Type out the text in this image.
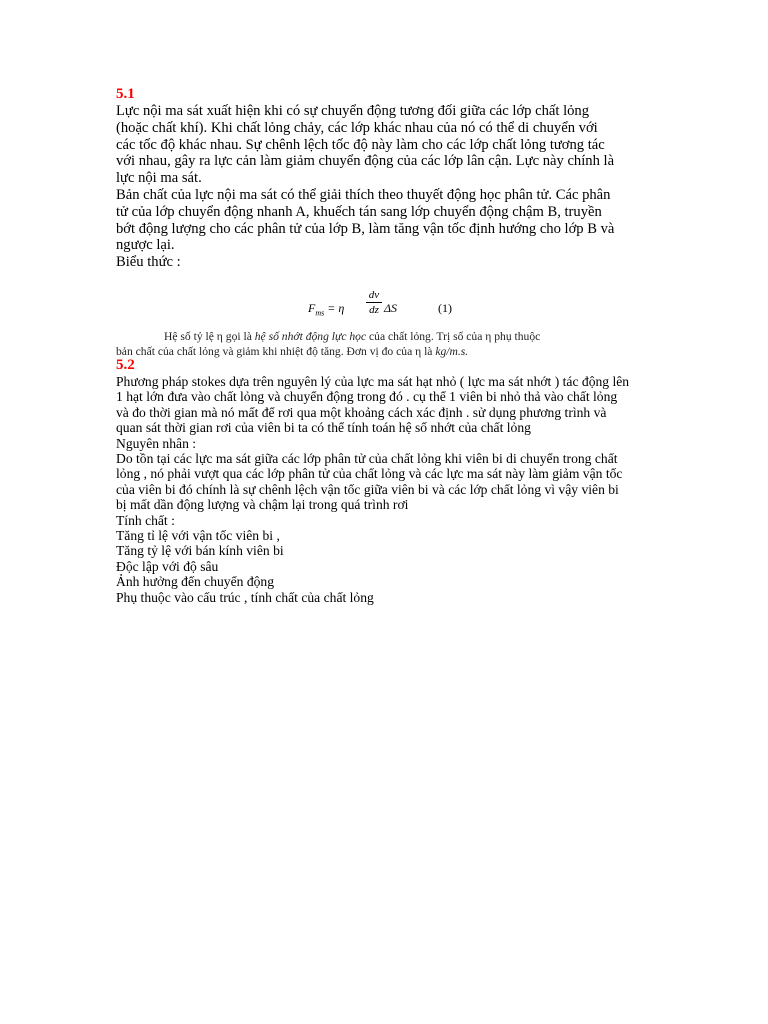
5.1
Lực nội ma sát xuất hiện khi có sự chuyển động tương đối giữa các lớp chất lỏng
(hoặc chất khí). Khi chất lỏng chảy, các lớp khác nhau của nó có thể di chuyển với
các tốc độ khác nhau. Sự chênh lệch tốc độ này làm cho các lớp chất lỏng tương tác
với nhau, gây ra lực cản làm giảm chuyển động của các lớp lân cận. Lực này chính là
lực nội ma sát.
Bản chất của lực nội ma sát có thể giải thích theo thuyết động học phân tử. Các phân
tử của lớp chuyển động nhanh A, khuếch tán sang lớp chuyển động chậm B, truyền
bớt động lượng cho các phân tử của lớp B, làm tăng vận tốc định hướng cho lớp B và
ngược lại.
Biểu thức :
$F_{ms} = \eta$
dv
dz ΔS	(1)
Hệ số tỷ lệ η gọi là hệ số nhớt động lực học của chất lỏng. Trị số của η phụ thuộc
bản chất của chất lỏng và giảm khi nhiệt độ tăng. Đơn vị đo của η là kg/m.s.
5.2
Phương pháp stokes dựa trên nguyên lý của lực ma sát hạt nhỏ ( lực ma sát nhớt ) tác động lên
1 hạt lớn đưa vào chất lỏng và chuyển động trong đó . cụ thể 1 viên bi nhỏ thả vào chất lỏng
và đo thời gian mà nó mất để rơi qua một khoảng cách xác định . sử dụng phương trình và
quan sát thời gian rơi của viên bi ta có thể tính toán hệ số nhớt của chất lỏng
Nguyên nhân :
Do tồn tại các lực ma sát giữa các lớp phân tử của chất lỏng khi viên bi di chuyển trong chất
lỏng , nó phải vượt qua các lớp phân tử của chất lỏng và các lực ma sát này làm giảm vận tốc
của viên bi đó chính là sự chênh lệch vận tốc giữa viên bi và các lớp chất lỏng vì vậy viên bi
bị mất dần động lượng và chậm lại trong quá trình rơi
Tính chất :
Tăng tỉ lệ với vận tốc viên bi ,
Tăng tỷ lệ với bán kính viên bi
Độc lập với độ sâu
Ảnh hưởng đến chuyển động
Phụ thuộc vào cấu trúc , tính chất của chất lỏng
